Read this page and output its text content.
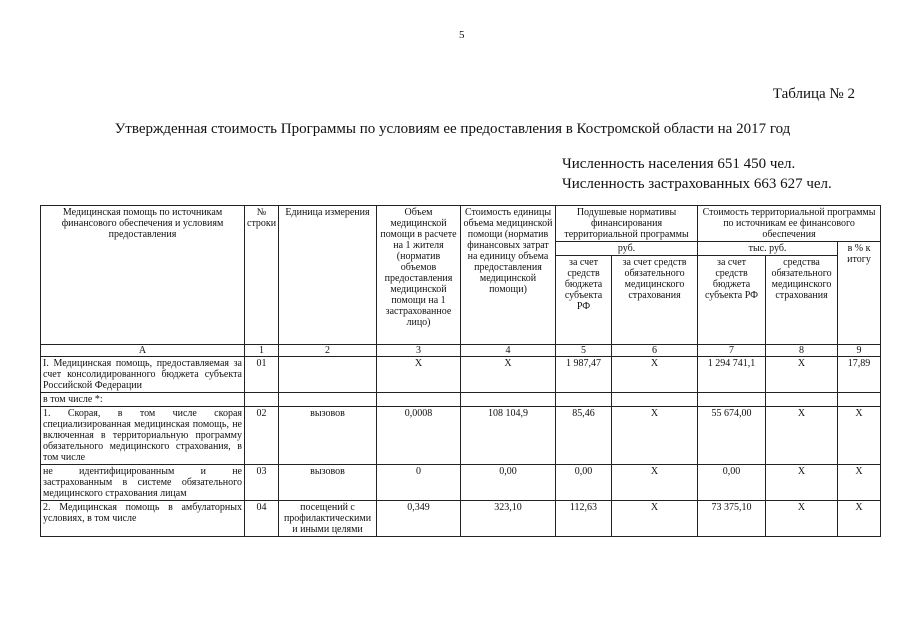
5
Таблица № 2
Утвержденная стоимость Программы по условиям ее предоставления в Костромской области на 2017 год
Численность населения 651 450 чел.
Численность застрахованных 663 627 чел.
Медицинская помощь по источникам финансового обеспечения и условиям предоставления	№ строки	Единица измерения	Объем медицинской помощи в расчете на 1 жителя (норматив объемов предоставления медицинской помощи на 1 застрахованное лицо)	Стоимость единицы объема медицинской помощи (норматив финансовых затрат на единицу объема предоставления медицинской помощи)	Подушевые нормативы финансирования территориальной программы		Стоимость территориальной программы по источникам ее финансового обеспечения		
					руб.		тыс. руб.		в % к итогу
					за счет средств бюджета субъекта РФ	за счет средств обязательного медицинского страхования	за счет средств бюджета субъекта РФ	средства обязательного медицинского страхования	
А	1	2	3	4	5	6	7	8	9
I. Медицинская помощь, предоставляемая за счет консолидированного бюджета субъекта Российской Федерации	01		Х	Х	1 987,47	Х	1 294 741,1	Х	17,89
в том числе *:									
1. Скорая, в том числе скорая специализированная медицинская помощь, не включенная в территориальную программу обязательного медицинского страхования, в том числе	02	вызовов	0,0008	108 104,9	85,46	Х	55 674,00	Х	Х
не идентифицированным и не застрахованным в системе обязательного медицинского страхования лицам	03	вызовов	0	0,00	0,00	Х	0,00	Х	Х
2. Медицинская помощь в амбулаторных условиях, в том числе	04	посещений с профилактическими и иными целями	0,349	323,10	112,63	Х	73 375,10	Х	Х
